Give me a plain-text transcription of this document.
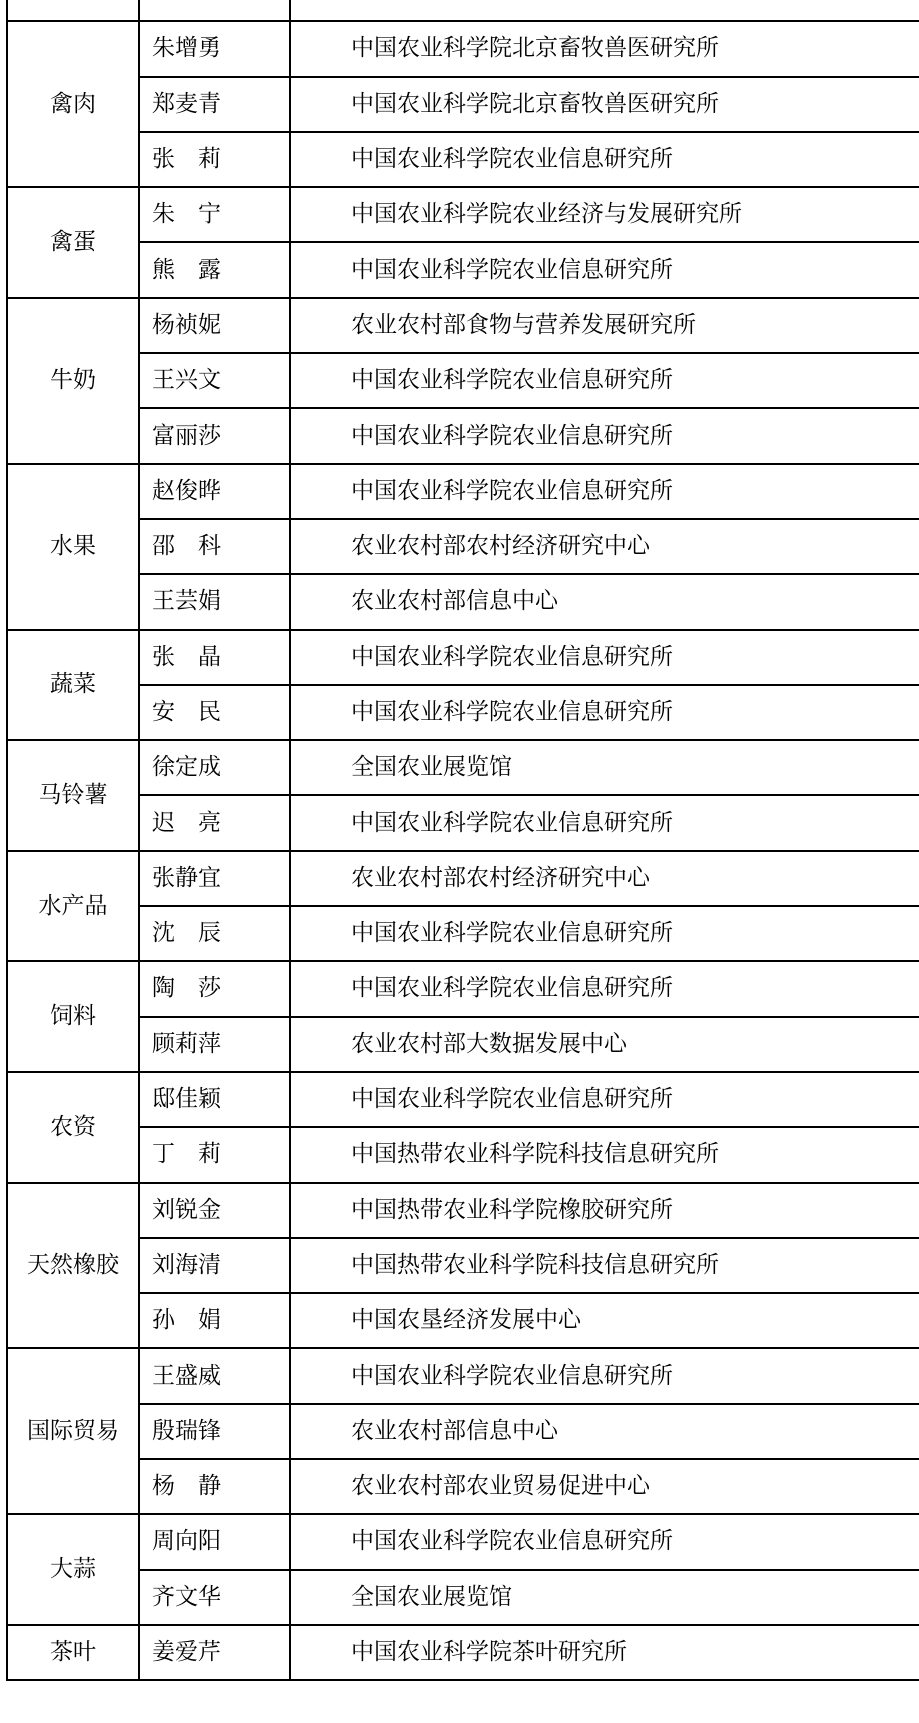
禽肉	朱增勇	中国农业科学院北京畜牧兽医研究所
	郑麦青	中国农业科学院北京畜牧兽医研究所
	张　莉	中国农业科学院农业信息研究所
禽蛋	朱　宁	中国农业科学院农业经济与发展研究所
	熊　露	中国农业科学院农业信息研究所
牛奶	杨祯妮	农业农村部食物与营养发展研究所
	王兴文	中国农业科学院农业信息研究所
	富丽莎	中国农业科学院农业信息研究所
水果	赵俊晔	中国农业科学院农业信息研究所
	邵　科	农业农村部农村经济研究中心
	王芸娟	农业农村部信息中心
蔬菜	张　晶	中国农业科学院农业信息研究所
	安　民	中国农业科学院农业信息研究所
马铃薯	徐定成	全国农业展览馆
	迟　亮	中国农业科学院农业信息研究所
水产品	张静宜	农业农村部农村经济研究中心
	沈　辰	中国农业科学院农业信息研究所
饲料	陶　莎	中国农业科学院农业信息研究所
	顾莉萍	农业农村部大数据发展中心
农资	邸佳颖	中国农业科学院农业信息研究所
	丁　莉	中国热带农业科学院科技信息研究所
天然橡胶	刘锐金	中国热带农业科学院橡胶研究所
	刘海清	中国热带农业科学院科技信息研究所
	孙　娟	中国农垦经济发展中心
国际贸易	王盛威	中国农业科学院农业信息研究所
	殷瑞锋	农业农村部信息中心
	杨　静	农业农村部农业贸易促进中心
大蒜	周向阳	中国农业科学院农业信息研究所
	齐文华	全国农业展览馆
茶叶	姜爱芹	中国农业科学院茶叶研究所
